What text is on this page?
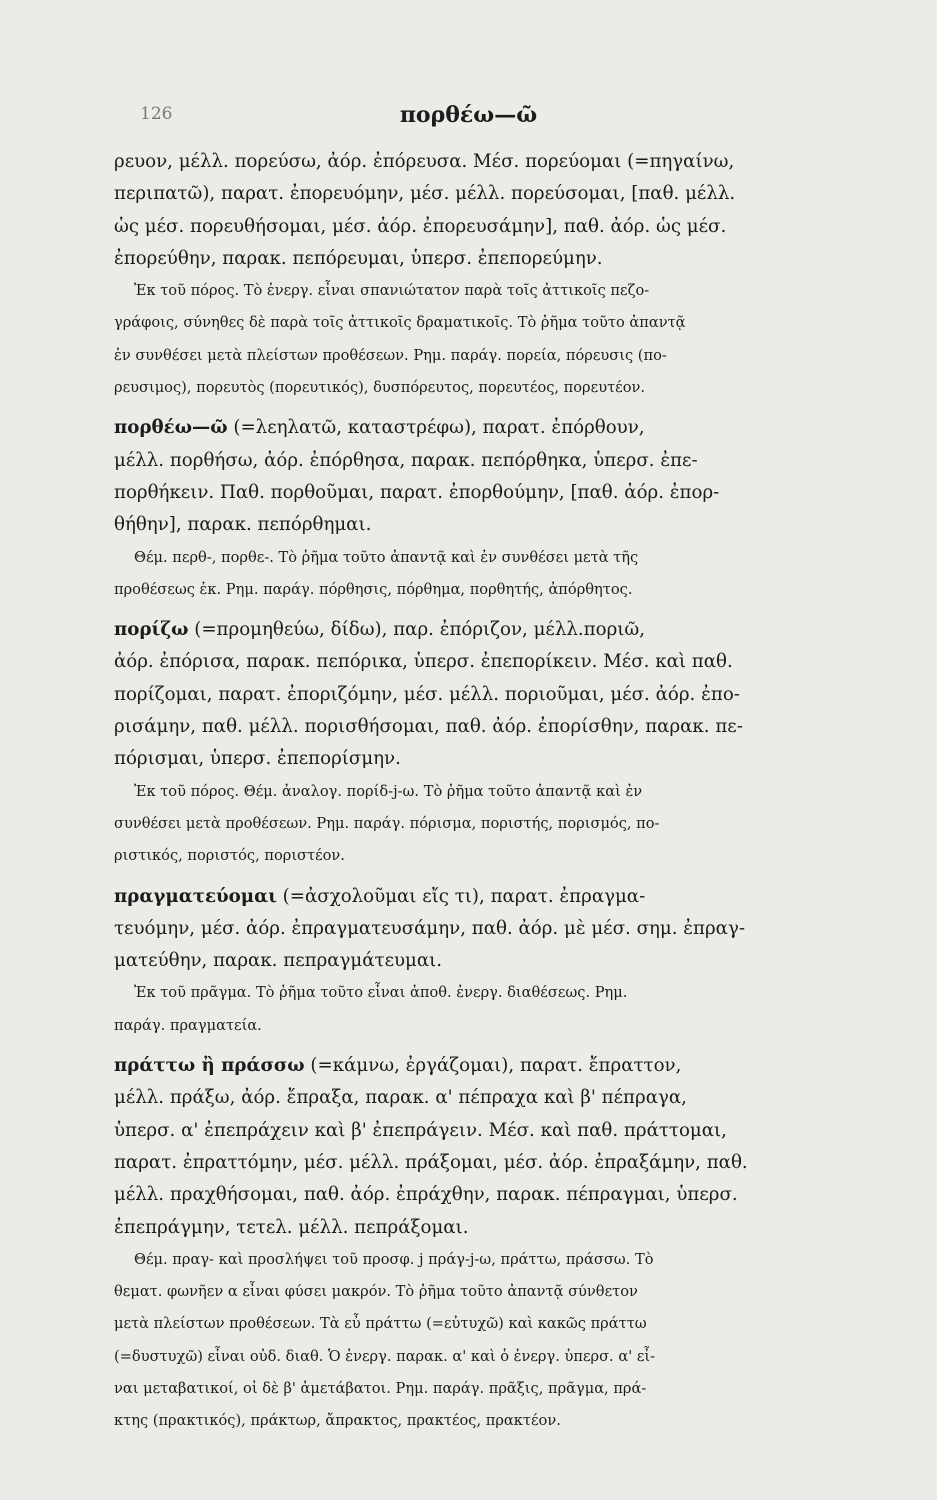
126	πορθέω—ῶ
ρευον, μέλλ. πορεύσω, ἀόρ. ἐπόρευσα. Μέσ. πορεύομαι (=πηγαίνω,
περιπατῶ), παρατ. ἐπορευόμην, μέσ. μέλλ. πορεύσομαι, [παθ. μέλλ.
ὡς μέσ. πορευθήσομαι, μέσ. ἀόρ. ἐπορευσάμην], παθ. ἀόρ. ὡς μέσ.
ἐπορεύθην, παρακ. πεπόρευμαι, ὑπερσ. ἐπεπορεύμην.
Ἐκ τοῦ πόρος. Τὸ ἐνεργ. εἶναι σπανιώτατον παρὰ τοῖς ἀττικοῖς πεζο-
γράφοις, σύνηθες δὲ παρὰ τοῖς ἀττικοῖς δραματικοῖς. Τὸ ῥῆμα τοῦτο ἀπαντᾷ
ἐν συνθέσει μετὰ πλείστων προθέσεων. Ρημ. παράγ. πορεία, πόρευσις (πο-
ρευσιμος), πορευτὸς (πορευτικός), δυσπόρευτος, πορευτέος, πορευτέον.
πορθέω—ῶ (=λεηλατῶ, καταστρέφω), παρατ. ἐπόρθουν,
μέλλ. πορθήσω, ἀόρ. ἐπόρθησα, παρακ. πεπόρθηκα, ὑπερσ. ἐπε-
πορθήκειν. Παθ. πορθοῦμαι, παρατ. ἐπορθούμην, [παθ. ἀόρ. ἐπορ-
θήθην], παρακ. πεπόρθημαι.
Θέμ. περθ-, πορθε-. Τὸ ῥῆμα τοῦτο ἀπαντᾷ καὶ ἐν συνθέσει μετὰ τῆς
προθέσεως ἐκ. Ρημ. παράγ. πόρθησις, πόρθημα, πορθητής, ἀπόρθητος.
πορίζω (=προμηθεύω, δίδω), παρ. ἐπόριζον, μέλλ.ποριῶ,
ἀόρ. ἐπόρισα, παρακ. πεπόρικα, ὑπερσ. ἐπεπορίκειν. Μέσ. καὶ παθ.
πορίζομαι, παρατ. ἐποριζόμην, μέσ. μέλλ. ποριοῦμαι, μέσ. ἀόρ. ἐπο-
ρισάμην, παθ. μέλλ. πορισθήσομαι, παθ. ἀόρ. ἐπορίσθην, παρακ. πε-
πόρισμαι, ὑπερσ. ἐπεπορίσμην.
Ἐκ τοῦ πόρος. Θέμ. ἀναλογ. πορίδ-j-ω. Τὸ ῥῆμα τοῦτο ἀπαντᾷ καὶ ἐν
συνθέσει μετὰ προθέσεων. Ρημ. παράγ. πόρισμα, ποριστής, πορισμός, πο-
ριστικός, ποριστός, ποριστέον.
πραγματεύομαι (=ἀσχολοῦμαι εἴς τι), παρατ. ἐπραγμα-
τευόμην, μέσ. ἀόρ. ἐπραγματευσάμην, παθ. ἀόρ. μὲ μέσ. σημ. ἐπραγ-
ματεύθην, παρακ. πεπραγμάτευμαι.
Ἐκ τοῦ πρᾶγμα. Τὸ ῥῆμα τοῦτο εἶναι ἀποθ. ἐνεργ. διαθέσεως. Ρημ.
παράγ. πραγματεία.
πράττω ἢ πράσσω (=κάμνω, ἐργάζομαι), παρατ. ἔπραττον,
μέλλ. πράξω, ἀόρ. ἔπραξα, παρακ. α' πέπραχα καὶ β' πέπραγα,
ὑπερσ. α' ἐπεπράχειν καὶ β' ἐπεπράγειν. Μέσ. καὶ παθ. πράττομαι,
παρατ. ἐπραττόμην, μέσ. μέλλ. πράξομαι, μέσ. ἀόρ. ἐπραξάμην, παθ.
μέλλ. πραχθήσομαι, παθ. ἀόρ. ἐπράχθην, παρακ. πέπραγμαι, ὑπερσ.
ἐπεπράγμην, τετελ. μέλλ. πεπράξομαι.
Θέμ. πραγ- καὶ προσλήψει τοῦ προσφ. j πράγ-j-ω, πράττω, πράσσω. Τὸ
θεματ. φωνῆεν α εἶναι φύσει μακρόν. Τὸ ῥῆμα τοῦτο ἀπαντᾷ σύνθετον
μετὰ πλείστων προθέσεων. Τὰ εὖ πράττω (=εὐτυχῶ) καὶ κακῶς πράττω
(=δυστυχῶ) εἶναι οὐδ. διαθ. Ὁ ἐνεργ. παρακ. α' καὶ ὁ ἐνεργ. ὑπερσ. α' εἶ-
ναι μεταβατικοί, οἱ δὲ β' ἀμετάβατοι. Ρημ. παράγ. πρᾶξις, πρᾶγμα, πρά-
κτης (πρακτικός), πράκτωρ, ἄπρακτος, πρακτέος, πρακτέον.
